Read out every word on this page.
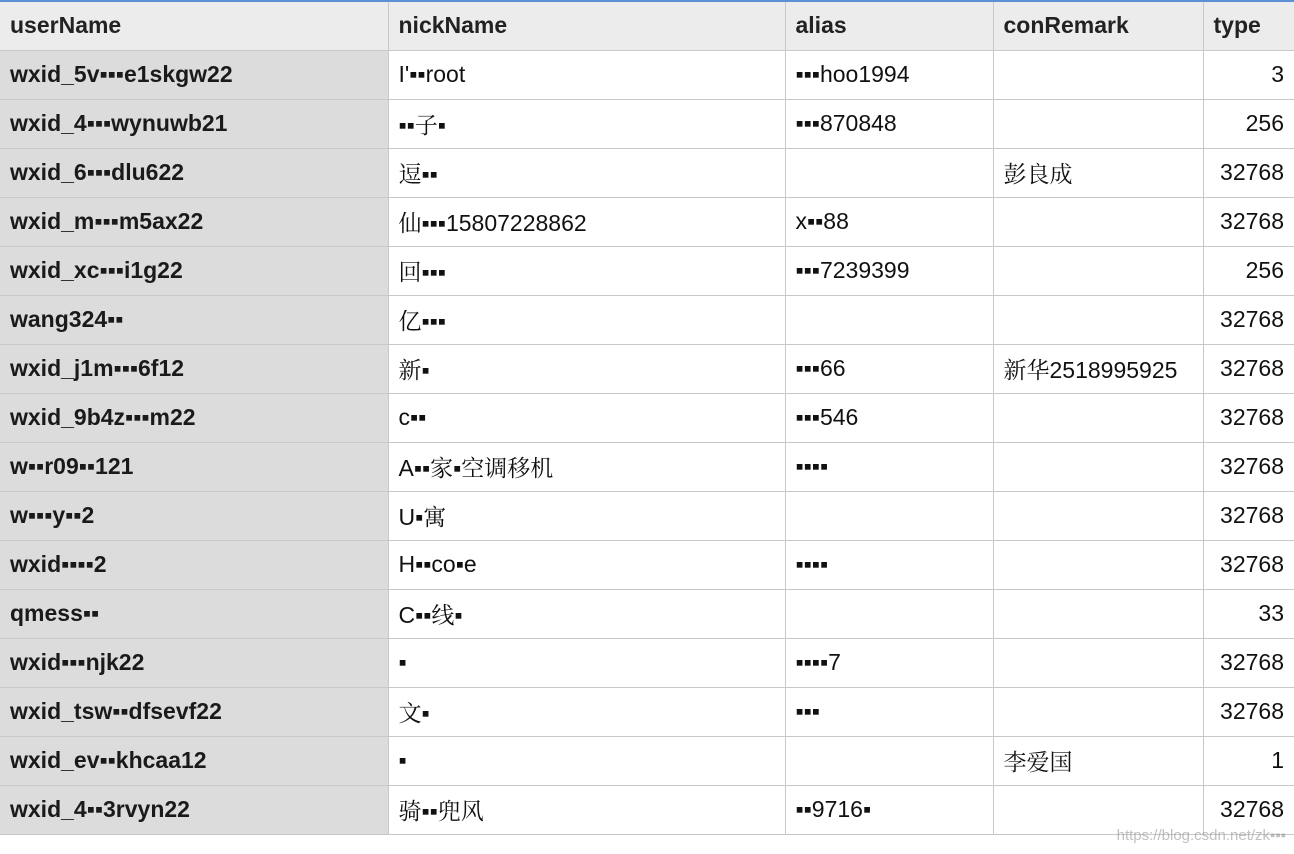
userName	nickName	alias	conRemark	type
wxid_5v▪▪▪e1skgw22	I'▪▪root	▪▪▪hoo1994		3
wxid_4▪▪▪wynuwb21	▪▪子▪	▪▪▪870848		256
wxid_6▪▪▪dlu622	逗▪▪		彭良成	32768
wxid_m▪▪▪m5ax22	仙▪▪▪15807228862	x▪▪88		32768
wxid_xc▪▪▪i1g22	回▪▪▪	▪▪▪7239399		256
wang324▪▪	亿▪▪▪			32768
wxid_j1m▪▪▪6f12	新▪	▪▪▪66	新华2518995925	32768
wxid_9b4z▪▪▪m22	c▪▪	▪▪▪546		32768
w▪▪r09▪▪121	A▪▪家▪空调移机	▪▪▪▪		32768
w▪▪▪y▪▪2	U▪寓			32768
wxid▪▪▪▪2	H▪▪co▪e	▪▪▪▪		32768
qmess▪▪	C▪▪线▪			33
wxid▪▪▪njk22	▪	▪▪▪▪7		32768
wxid_tsw▪▪dfsevf22	文▪	▪▪▪		32768
wxid_ev▪▪khcaa12	▪		李爱国	1
wxid_4▪▪3rvyn22	骑▪▪兜风	▪▪9716▪		32768
https://blog.csdn.net/zk▪▪▪
